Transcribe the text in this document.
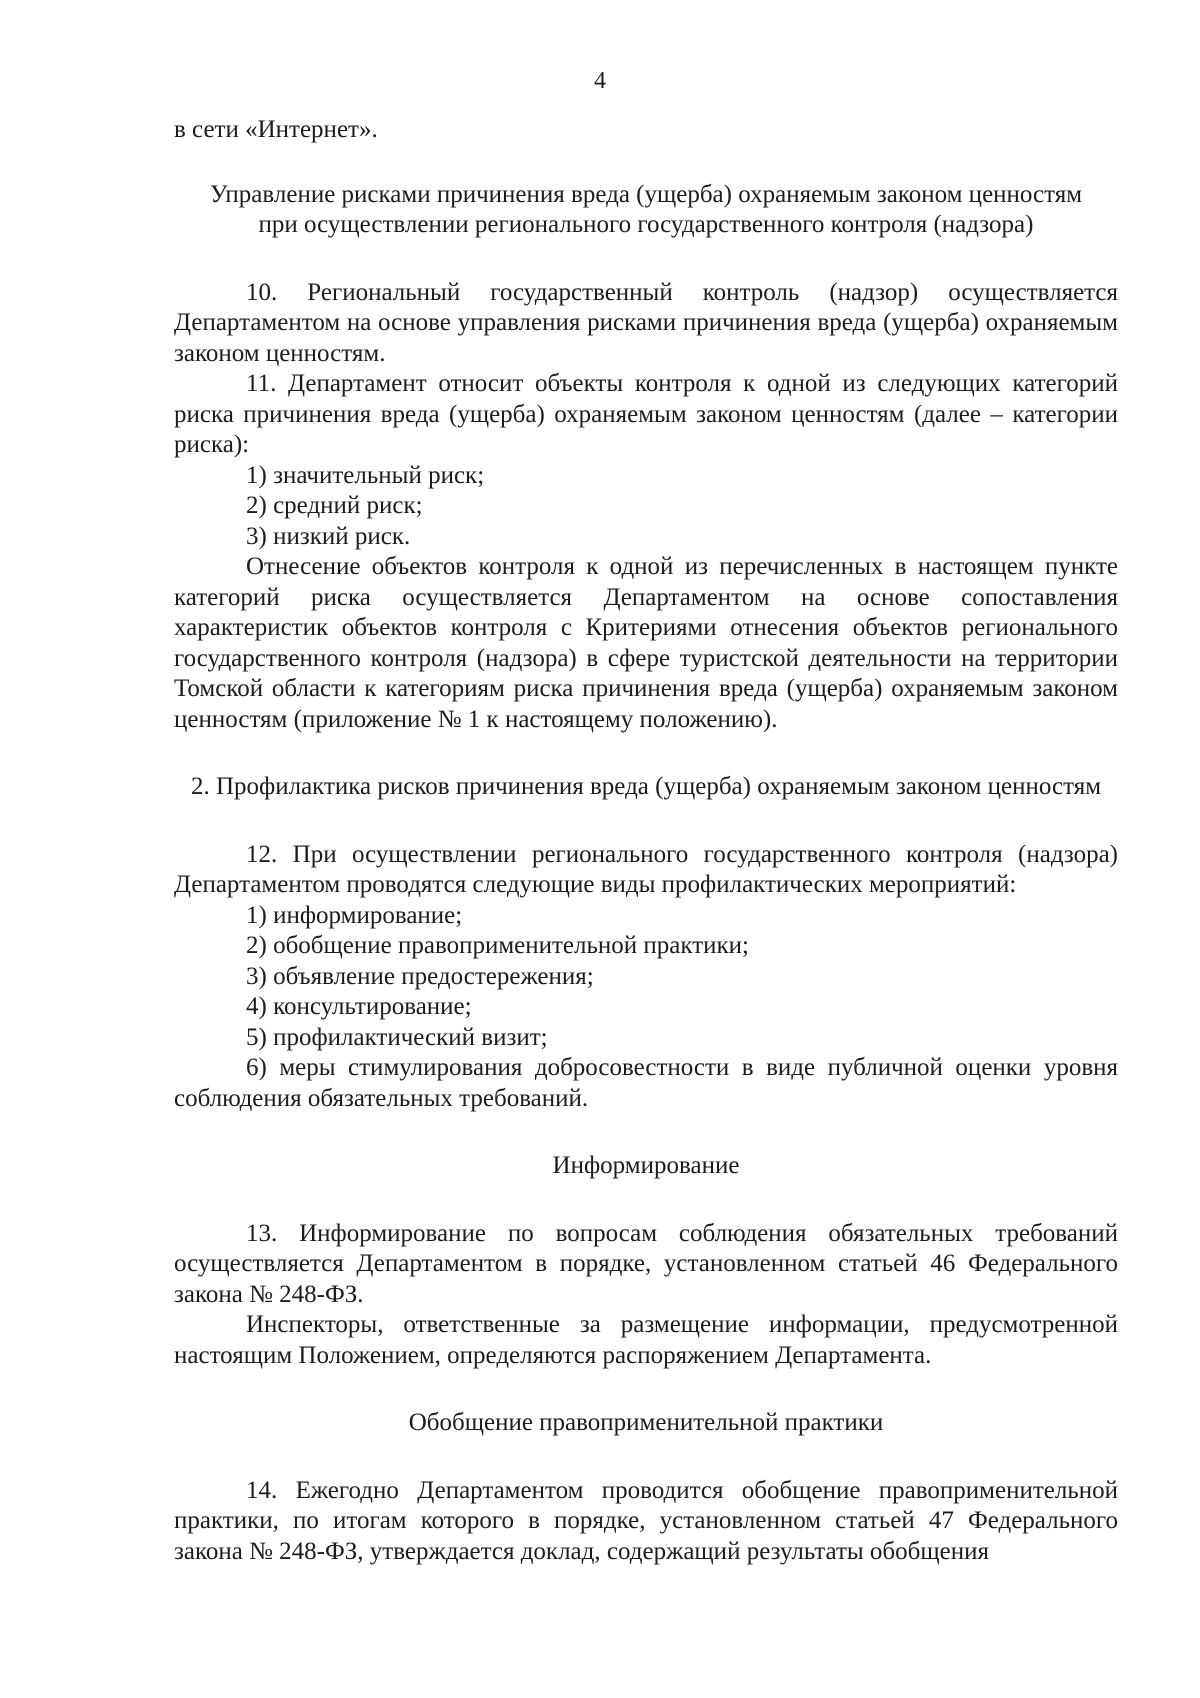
4

в сети «Интернет».

Управление рисками причинения вреда (ущерба) охраняемым законом ценностям при осуществлении регионального государственного контроля (надзора)

10. Региональный государственный контроль (надзор) осуществляется Департаментом на основе управления рисками причинения вреда (ущерба) охраняемым законом ценностям.

11. Департамент относит объекты контроля к одной из следующих категорий риска причинения вреда (ущерба) охраняемым законом ценностям (далее – категории риска):

1) значительный риск;

2) средний риск;

3) низкий риск.

Отнесение объектов контроля к одной из перечисленных в настоящем пункте категорий риска осуществляется Департаментом на основе сопоставления характеристик объектов контроля с Критериями отнесения объектов регионального государственного контроля (надзора) в сфере туристской деятельности на территории Томской области к категориям риска причинения вреда (ущерба) охраняемым законом ценностям (приложение № 1 к настоящему положению).

2. Профилактика рисков причинения вреда (ущерба) охраняемым законом ценностям

12. При осуществлении регионального государственного контроля (надзора) Департаментом проводятся следующие виды профилактических мероприятий:

1) информирование;

2) обобщение правоприменительной практики;

3) объявление предостережения;

4) консультирование;

5) профилактический визит;

6) меры стимулирования добросовестности в виде публичной оценки уровня соблюдения обязательных требований.

Информирование

13. Информирование по вопросам соблюдения обязательных требований осуществляется Департаментом в порядке, установленном статьей 46 Федерального закона № 248-ФЗ.

Инспекторы, ответственные за размещение информации, предусмотренной настоящим Положением, определяются распоряжением Департамента.

Обобщение правоприменительной практики

14. Ежегодно Департаментом проводится обобщение правоприменительной практики, по итогам которого в порядке, установленном статьей 47 Федерального закона № 248-ФЗ, утверждается доклад, содержащий результаты обобщения
